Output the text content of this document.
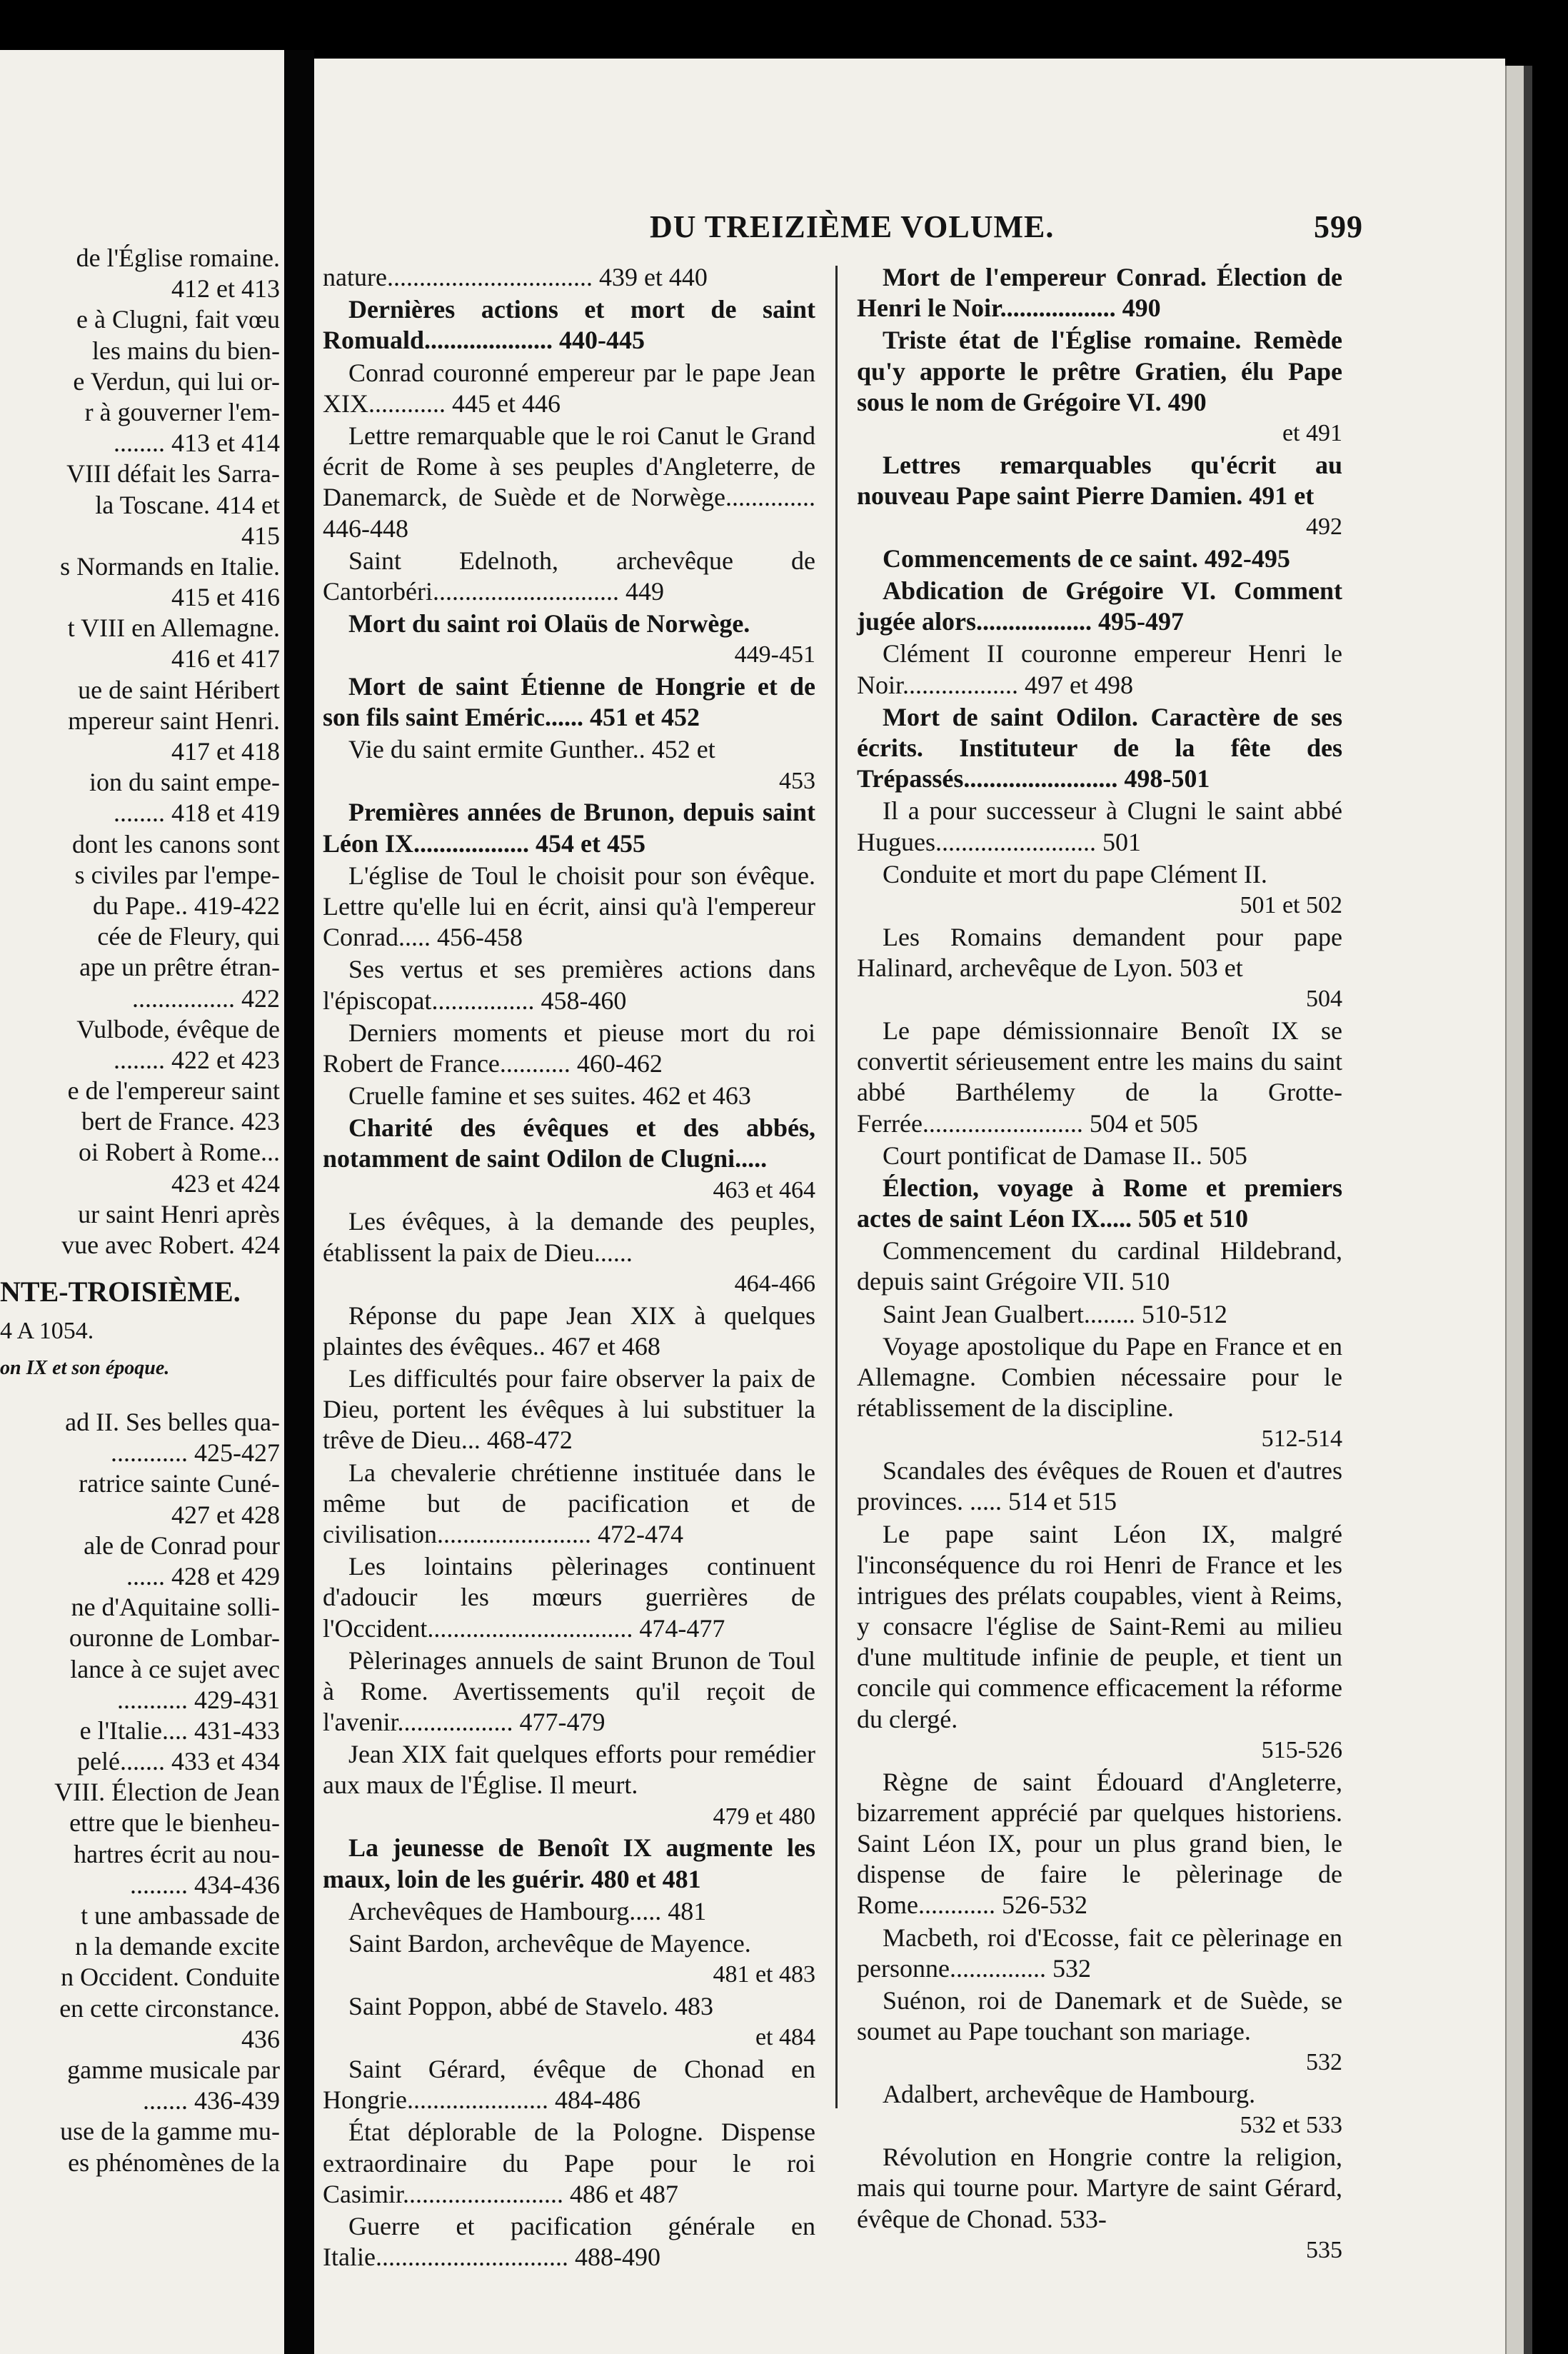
de l'Église romaine.

412 et 413

e à Clugni, fait vœu

les mains du bien-

e Verdun, qui lui or-

r à gouverner l'em-

........ 413 et 414

VIII défait les Sarra-

la Toscane. 414 et

415

s Normands en Italie.

415 et 416

t VIII en Allemagne.

416 et 417

ue de saint Héribert

mpereur saint Henri.

417 et 418

ion du saint empe-

........ 418 et 419

dont les canons sont

s civiles par l'empe-

du Pape.. 419-422

cée de Fleury, qui

ape un prêtre étran-

................ 422

Vulbode, évêque de

........ 422 et 423

e de l'empereur saint

bert de France. 423

oi Robert à Rome...

423 et 424

ur saint Henri après

vue avec Robert. 424

NTE-TROISIÈME.
4 A 1054.
on IX et son époque.

ad II. Ses belles qua-

............ 425-427

ratrice sainte Cuné-

427 et 428

ale de Conrad pour

...... 428 et 429

ne d'Aquitaine solli-

ouronne de Lombar-

lance à ce sujet avec

........... 429-431

e l'Italie.... 431-433

pelé....... 433 et 434

VIII. Élection de Jean

ettre que le bienheu-

hartres écrit au nou-

......... 434-436

t une ambassade de

n la demande excite

n Occident. Conduite

en cette circonstance.

436

gamme musicale par

....... 436-439

use de la gamme mu-

es phénomènes de la

DU TREIZIÈME VOLUME.	599

nature................................ 439 et 440

Dernières actions et mort de saint Romuald.................... 440-445

Conrad couronné empereur par le pape Jean XIX............ 445 et 446

Lettre remarquable que le roi Canut le Grand écrit de Rome à ses peuples d'Angleterre, de Danemarck, de Suède et de Norwège.............. 446-448

Saint Edelnoth, archevêque de Cantorbéri............................. 449

Mort du saint roi Olaüs de Norwège.

449-451

Mort de saint Étienne de Hongrie et de son fils saint Eméric...... 451 et 452

Vie du saint ermite Gunther.. 452 et

453

Premières années de Brunon, depuis saint Léon IX.................. 454 et 455

L'église de Toul le choisit pour son évêque. Lettre qu'elle lui en écrit, ainsi qu'à l'empereur Conrad..... 456-458

Ses vertus et ses premières actions dans l'épiscopat................ 458-460

Derniers moments et pieuse mort du roi Robert de France........... 460-462

Cruelle famine et ses suites. 462 et 463

Charité des évêques et des abbés, notamment de saint Odilon de Clugni.....

463 et 464

Les évêques, à la demande des peuples, établissent la paix de Dieu......

464-466

Réponse du pape Jean XIX à quelques plaintes des évêques.. 467 et 468

Les difficultés pour faire observer la paix de Dieu, portent les évêques à lui substituer la trêve de Dieu... 468-472

La chevalerie chrétienne instituée dans le même but de pacification et de civilisation........................ 472-474

Les lointains pèlerinages continuent d'adoucir les mœurs guerrières de l'Occident................................ 474-477

Pèlerinages annuels de saint Brunon de Toul à Rome. Avertissements qu'il reçoit de l'avenir.................. 477-479

Jean XIX fait quelques efforts pour remédier aux maux de l'Église. Il meurt.

479 et 480

La jeunesse de Benoît IX augmente les maux, loin de les guérir. 480 et 481

Archevêques de Hambourg..... 481

Saint Bardon, archevêque de Mayence.

481 et 483

Saint Poppon, abbé de Stavelo. 483

et 484

Saint Gérard, évêque de Chonad en Hongrie...................... 484-486

État déplorable de la Pologne. Dispense extraordinaire du Pape pour le roi Casimir......................... 486 et 487

Guerre et pacification générale en Italie.............................. 488-490

Mort de l'empereur Conrad. Élection de Henri le Noir.................. 490

Triste état de l'Église romaine. Remède qu'y apporte le prêtre Gratien, élu Pape sous le nom de Grégoire VI. 490

et 491

Lettres remarquables qu'écrit au nouveau Pape saint Pierre Damien. 491 et

492

Commencements de ce saint. 492-495

Abdication de Grégoire VI. Comment jugée alors.................. 495-497

Clément II couronne empereur Henri le Noir.................. 497 et 498

Mort de saint Odilon. Caractère de ses écrits. Instituteur de la fête des Trépassés........................ 498-501

Il a pour successeur à Clugni le saint abbé Hugues......................... 501

Conduite et mort du pape Clément II.

501 et 502

Les Romains demandent pour pape Halinard, archevêque de Lyon. 503 et

504

Le pape démissionnaire Benoît IX se convertit sérieusement entre les mains du saint abbé Barthélemy de la Grotte-Ferrée......................... 504 et 505

Court pontificat de Damase II.. 505

Élection, voyage à Rome et premiers actes de saint Léon IX..... 505 et 510

Commencement du cardinal Hildebrand, depuis saint Grégoire VII. 510

Saint Jean Gualbert........ 510-512

Voyage apostolique du Pape en France et en Allemagne. Combien nécessaire pour le rétablissement de la discipline.

512-514

Scandales des évêques de Rouen et d'autres provinces. ..... 514 et 515

Le pape saint Léon IX, malgré l'inconséquence du roi Henri de France et les intrigues des prélats coupables, vient à Reims, y consacre l'église de Saint-Remi au milieu d'une multitude infinie de peuple, et tient un concile qui commence efficacement la réforme du clergé.

515-526

Règne de saint Édouard d'Angleterre, bizarrement apprécié par quelques historiens. Saint Léon IX, pour un plus grand bien, le dispense de faire le pèlerinage de Rome............ 526-532

Macbeth, roi d'Ecosse, fait ce pèlerinage en personne............... 532

Suénon, roi de Danemark et de Suède, se soumet au Pape touchant son mariage.

532

Adalbert, archevêque de Hambourg.

532 et 533

Révolution en Hongrie contre la religion, mais qui tourne pour. Martyre de saint Gérard, évêque de Chonad. 533-

535
